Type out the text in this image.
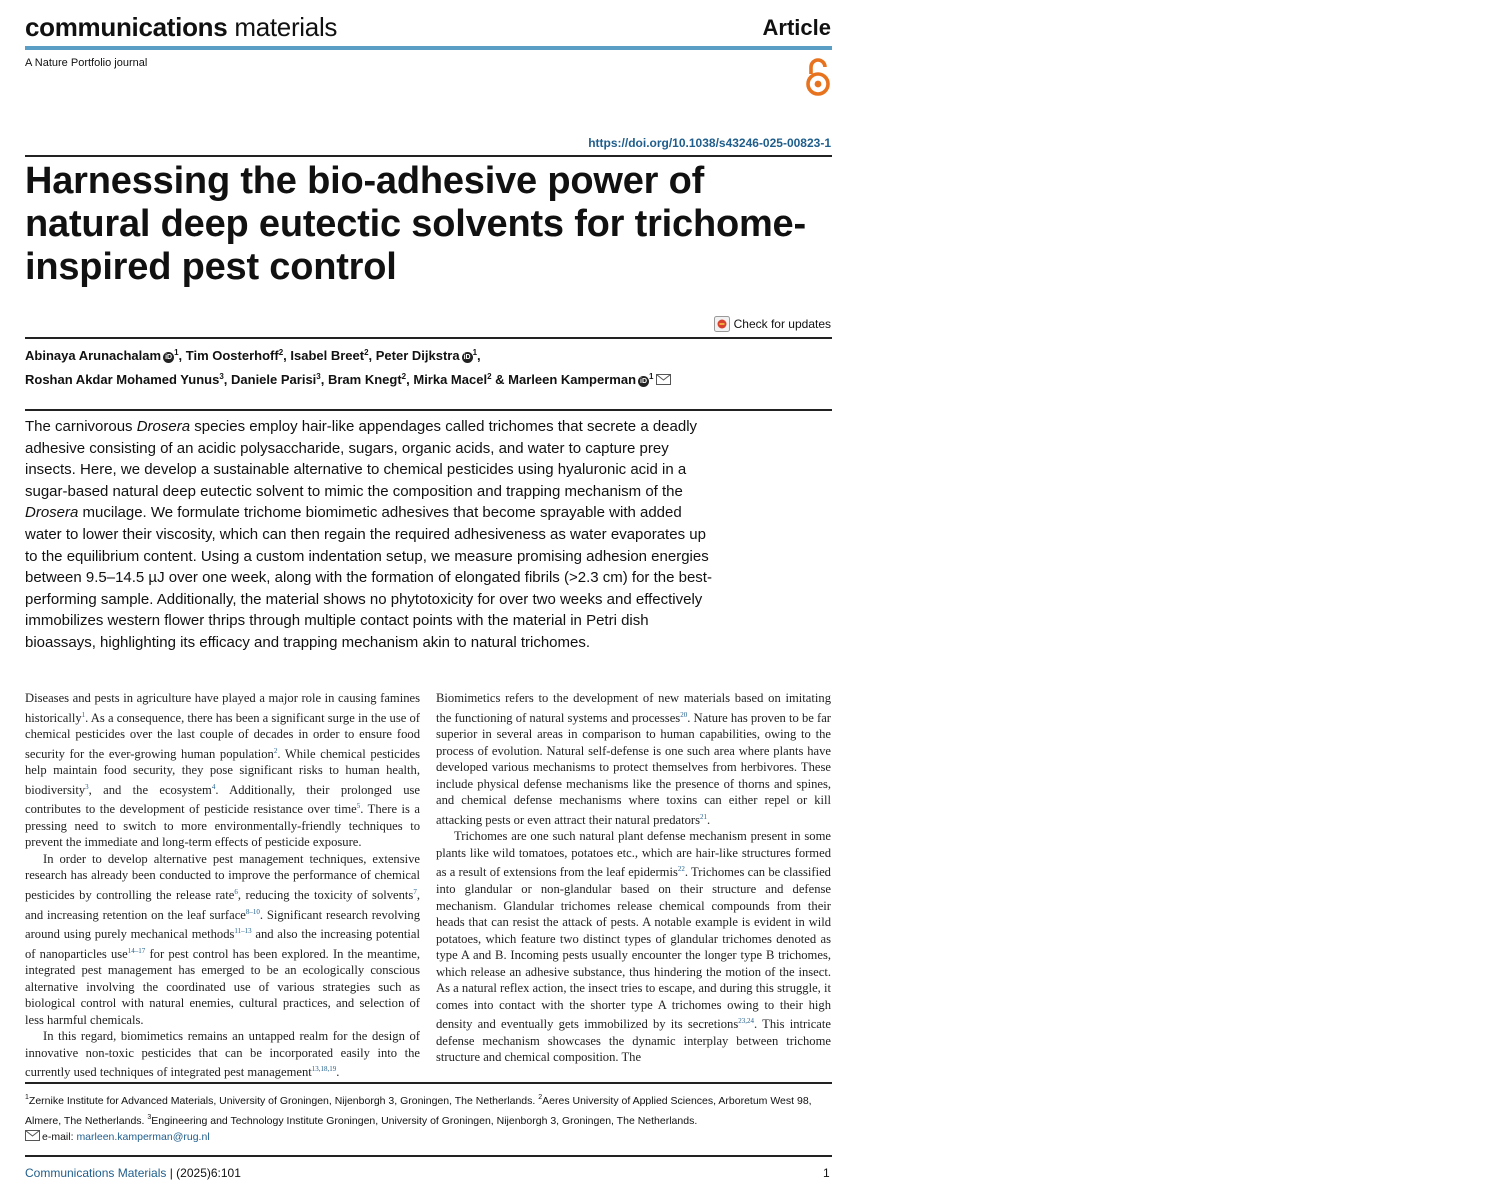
communications materials	Article
A Nature Portfolio journal
https://doi.org/10.1038/s43246-025-00823-1
Harnessing the bio-adhesive power of natural deep eutectic solvents for trichome-inspired pest control
Check for updates
Abinaya Arunachalam $iD^1$, Tim Oosterhoff$^2$, Isabel Breet$^2$, Peter Dijkstra $iD^1$,
Roshan Akdar Mohamed Yunus$^3$, Daniele Parisi$^3$, Bram Knegt$^2$, Mirka Macel$^2$ & Marleen Kamperman $iD^1$

The carnivorous Drosera species employ hair-like appendages called trichomes that secrete a deadly adhesive consisting of an acidic polysaccharide, sugars, organic acids, and water to capture prey insects. Here, we develop a sustainable alternative to chemical pesticides using hyaluronic acid in a sugar-based natural deep eutectic solvent to mimic the composition and trapping mechanism of the Drosera mucilage. We formulate trichome biomimetic adhesives that become sprayable with added water to lower their viscosity, which can then regain the required adhesiveness as water evaporates up to the equilibrium content. Using a custom indentation setup, we measure promising adhesion energies between 9.5–14.5 µJ over one week, along with the formation of elongated fibrils (>2.3 cm) for the best-performing sample. Additionally, the material shows no phytotoxicity for over two weeks and effectively immobilizes western flower thrips through multiple contact points with the material in Petri dish bioassays, highlighting its efficacy and trapping mechanism akin to natural trichomes.

Diseases and pests in agriculture have played a major role in causing famines historically$^1$. As a consequence, there has been a significant surge in the use of chemical pesticides over the last couple of decades in order to ensure food security for the ever-growing human population$^2$. While chemical pesticides help maintain food security, they pose significant risks to human health, biodiversity$^3$, and the ecosystem$^4$. Additionally, their prolonged use contributes to the development of pesticide resistance over time$^5$. There is a pressing need to switch to more environmentally-friendly techniques to prevent the immediate and long-term effects of pesticide exposure.

In order to develop alternative pest management techniques, extensive research has already been conducted to improve the performance of chemical pesticides by controlling the release rate$^6$, reducing the toxicity of solvents$^7$, and increasing retention on the leaf surface$^{8-10}$. Significant research revolving around using purely mechanical methods$^{11-13}$ and also the increasing potential of nanoparticles use$^{14-17}$ for pest control has been explored. In the meantime, integrated pest management has emerged to be an ecologically conscious alternative involving the coordinated use of various strategies such as biological control with natural enemies, cultural practices, and selection of less harmful chemicals.

In this regard, biomimetics remains an untapped realm for the design of innovative non-toxic pesticides that can be incorporated easily into the currently used techniques of integrated pest management$^{13,18,19}$.

Biomimetics refers to the development of new materials based on imitating the functioning of natural systems and processes$^{20}$. Nature has proven to be far superior in several areas in comparison to human capabilities, owing to the process of evolution. Natural self-defense is one such area where plants have developed various mechanisms to protect themselves from herbivores. These include physical defense mechanisms like the presence of thorns and spines, and chemical defense mechanisms where toxins can either repel or kill attacking pests or even attract their natural predators$^{21}$.

Trichomes are one such natural plant defense mechanism present in some plants like wild tomatoes, potatoes etc., which are hair-like structures formed as a result of extensions from the leaf epidermis$^{22}$. Trichomes can be classified into glandular or non-glandular based on their structure and defense mechanism. Glandular trichomes release chemical compounds from their heads that can resist the attack of pests. A notable example is evident in wild potatoes, which feature two distinct types of glandular trichomes denoted as type A and B. Incoming pests usually encounter the longer type B trichomes, which release an adhesive substance, thus hindering the motion of the insect. As a natural reflex action, the insect tries to escape, and during this struggle, it comes into contact with the shorter type A trichomes owing to their high density and eventually gets immobilized by its secretions$^{23,24}$. This intricate defense mechanism showcases the dynamic interplay between trichome structure and chemical composition. The

$^1$Zernike Institute for Advanced Materials, University of Groningen, Nijenborgh 3, Groningen, The Netherlands. $^2$Aeres University of Applied Sciences, Arboretum West 98, Almere, The Netherlands. $^3$Engineering and Technology Institute Groningen, University of Groningen, Nijenborgh 3, Groningen, The Netherlands.
e-mail: marleen.kamperman@rug.nl
Communications Materials | (2025)6:101	1
